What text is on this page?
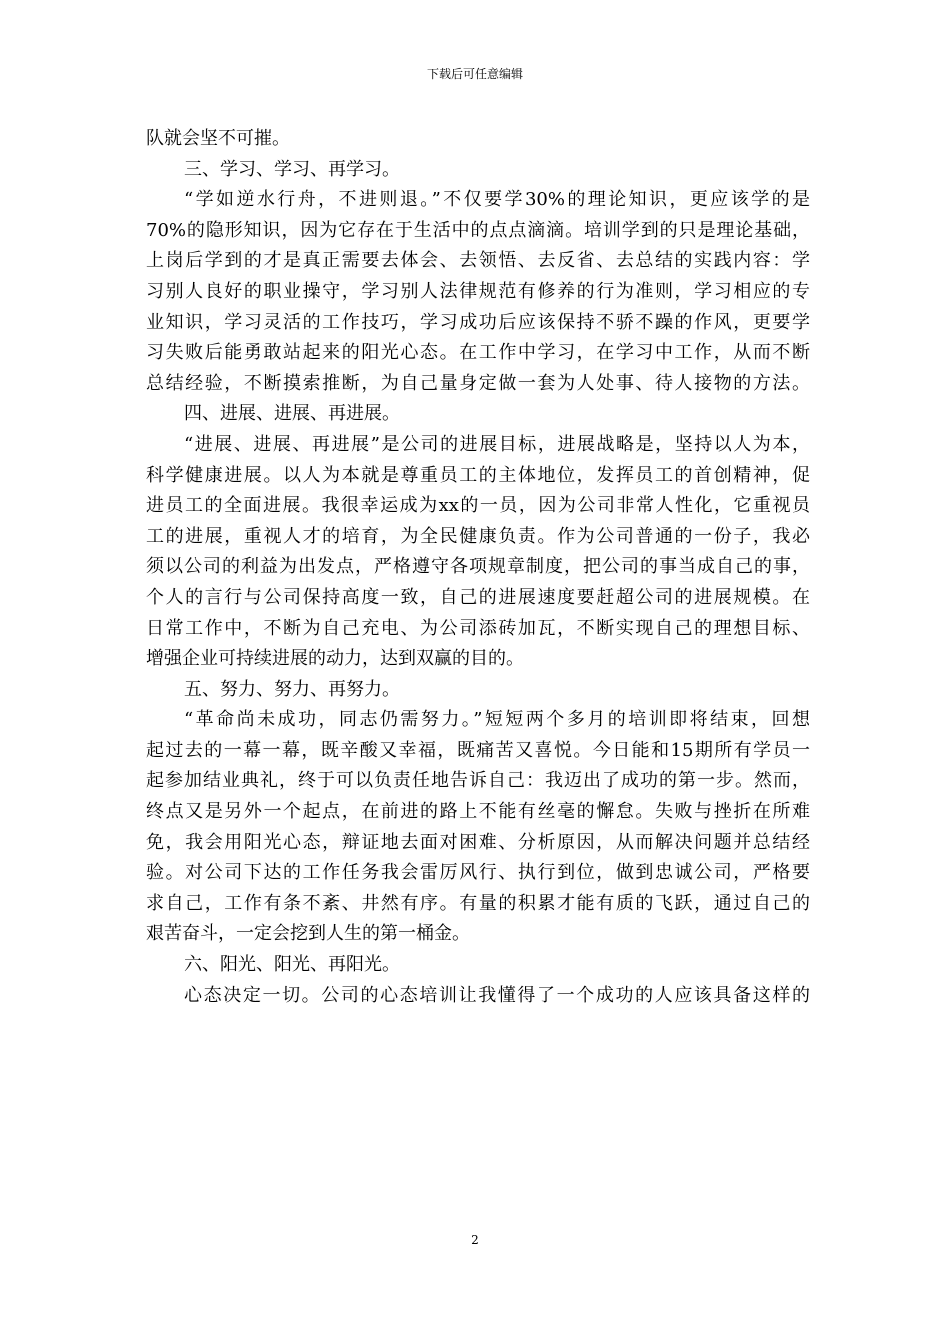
下载后可任意编辑
队就会坚不可摧。
三、学习、学习、再学习。
“学如逆水行舟，不进则退。”不仅要学30%的理论知识，更应该学的是
70%的隐形知识，因为它存在于生活中的点点滴滴。培训学到的只是理论基础，
上岗后学到的才是真正需要去体会、去领悟、去反省、去总结的实践内容：学
习别人良好的职业操守，学习别人法律规范有修养的行为准则，学习相应的专
业知识，学习灵活的工作技巧，学习成功后应该保持不骄不躁的作风，更要学
习失败后能勇敢站起来的阳光心态。在工作中学习，在学习中工作，从而不断
总结经验，不断摸索推断，为自己量身定做一套为人处事、待人接物的方法。
四、进展、进展、再进展。
“进展、进展、再进展”是公司的进展目标，进展战略是，坚持以人为本，
科学健康进展。以人为本就是尊重员工的主体地位，发挥员工的首创精神，促
进员工的全面进展。我很幸运成为xx的一员，因为公司非常人性化，它重视员
工的进展，重视人才的培育，为全民健康负责。作为公司普通的一份子，我必
须以公司的利益为出发点，严格遵守各项规章制度，把公司的事当成自己的事，
个人的言行与公司保持高度一致，自己的进展速度要赶超公司的进展规模。在
日常工作中，不断为自己充电、为公司添砖加瓦，不断实现自己的理想目标、
增强企业可持续进展的动力，达到双赢的目的。
五、努力、努力、再努力。
“革命尚未成功，同志仍需努力。”短短两个多月的培训即将结束，回想
起过去的一幕一幕，既辛酸又幸福，既痛苦又喜悦。今日能和15期所有学员一
起参加结业典礼，终于可以负责任地告诉自己：我迈出了成功的第一步。然而，
终点又是另外一个起点，在前进的路上不能有丝毫的懈怠。失败与挫折在所难
免，我会用阳光心态，辩证地去面对困难、分析原因，从而解决问题并总结经
验。对公司下达的工作任务我会雷厉风行、执行到位，做到忠诚公司，严格要
求自己，工作有条不紊、井然有序。有量的积累才能有质的飞跃，通过自己的
艰苦奋斗，一定会挖到人生的第一桶金。
六、阳光、阳光、再阳光。
心态决定一切。公司的心态培训让我懂得了一个成功的人应该具备这样的
2
